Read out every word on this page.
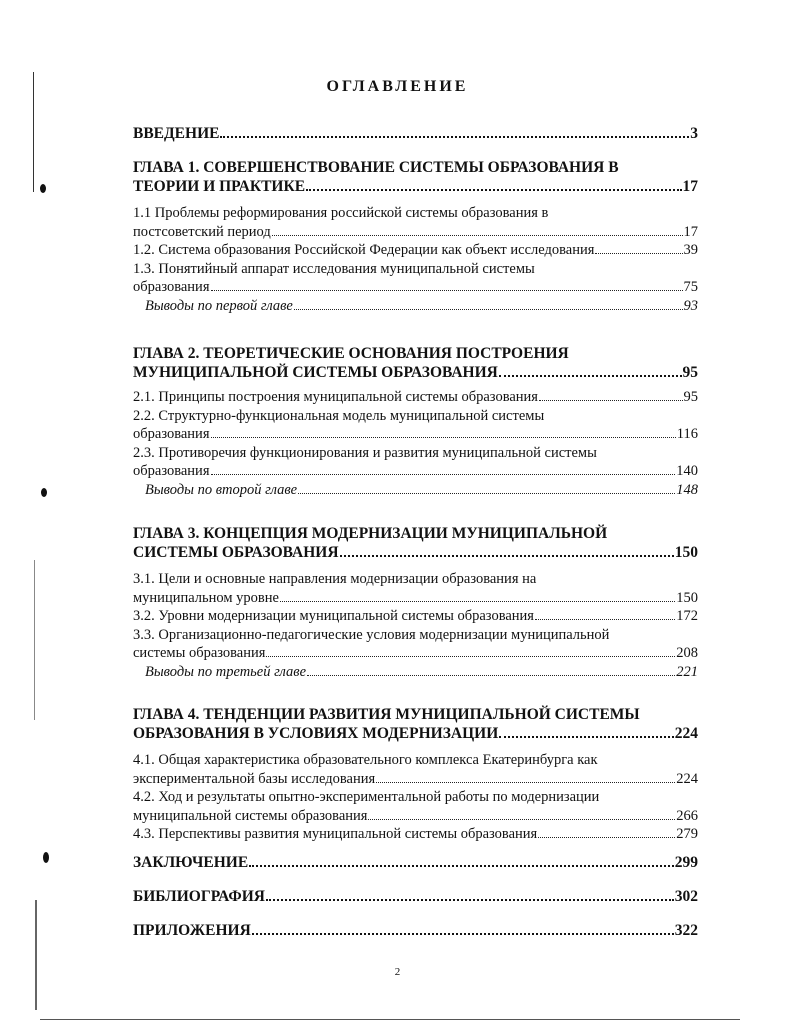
ОГЛАВЛЕНИЕ
ВВЕДЕНИЕ	3
ГЛАВА 1. СОВЕРШЕНСТВОВАНИЕ СИСТЕМЫ ОБРАЗОВАНИЯ В
ТЕОРИИ И ПРАКТИКЕ	17
1.1 Проблемы реформирования российской системы образования в
постсоветский период	17
1.2. Система образования Российской Федерации как объект исследования	39
1.3. Понятийный аппарат исследования муниципальной системы
образования	75
Выводы по первой главе	93
ГЛАВА 2. ТЕОРЕТИЧЕСКИЕ ОСНОВАНИЯ ПОСТРОЕНИЯ
МУНИЦИПАЛЬНОЙ СИСТЕМЫ ОБРАЗОВАНИЯ	95
2.1. Принципы построения муниципальной системы образования	95
2.2. Структурно-функциональная модель муниципальной системы
образования	116
2.3. Противоречия функционирования и развития муниципальной системы
образования	140
Выводы по второй главе	148
ГЛАВА 3. КОНЦЕПЦИЯ МОДЕРНИЗАЦИИ МУНИЦИПАЛЬНОЙ
СИСТЕМЫ ОБРАЗОВАНИЯ	150
3.1. Цели и основные направления модернизации образования на
муниципальном уровне	150
3.2. Уровни модернизации муниципальной системы образования	172
3.3. Организационно-педагогические условия модернизации муниципальной
системы образования	208
Выводы по третьей главе	221
ГЛАВА 4. ТЕНДЕНЦИИ РАЗВИТИЯ МУНИЦИПАЛЬНОЙ СИСТЕМЫ
ОБРАЗОВАНИЯ В УСЛОВИЯХ МОДЕРНИЗАЦИИ	224
4.1. Общая характеристика образовательного комплекса Екатеринбурга как
экспериментальной базы исследования	224
4.2. Ход и результаты опытно-экспериментальной работы по модернизации
муниципальной системы образования	266
4.3. Перспективы развития муниципальной системы образования	279
ЗАКЛЮЧЕНИЕ	299
БИБЛИОГРАФИЯ	302
ПРИЛОЖЕНИЯ	322
2
